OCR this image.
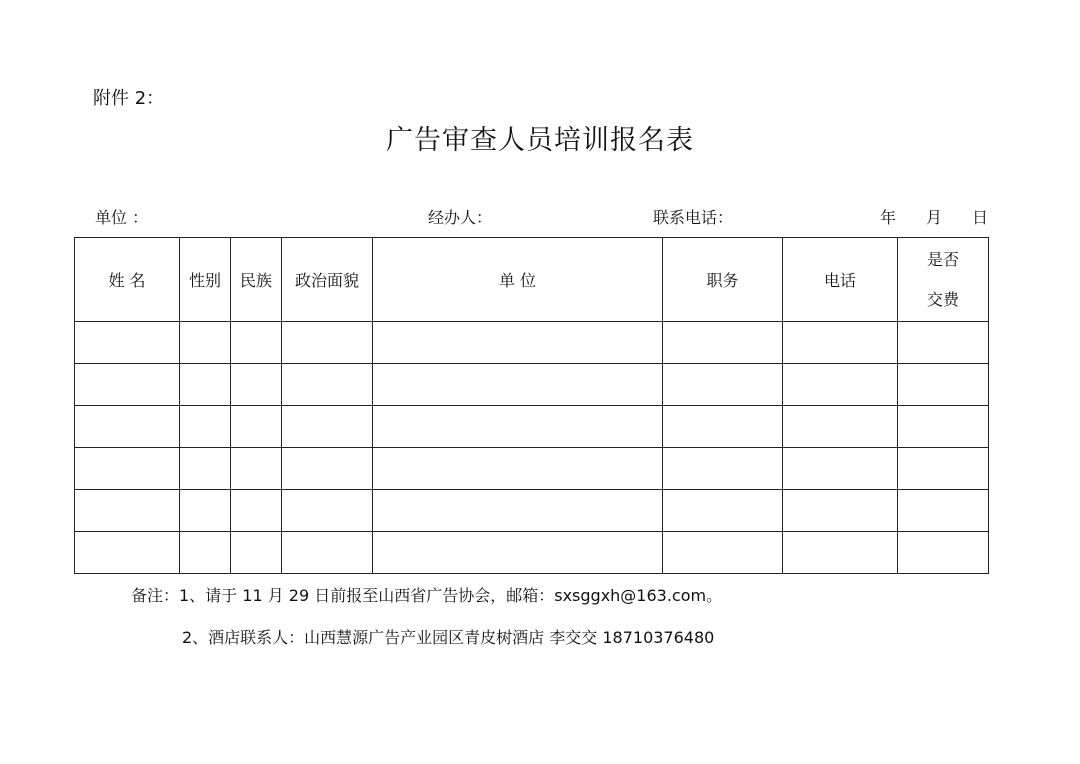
附件 2：
广告审查人员培训报名表
单位 ：	经办人：	联系电话：	年 月 日
姓 名	性别	民族	政治面貌	单 位	职务	电话	是否
交费

备注：1、请于 11 月 29 日前报至山西省广告协会，邮箱：sxsggxh@163.com。
2、酒店联系人：山西慧源广告产业园区青皮树酒店 李交交 18710376480
